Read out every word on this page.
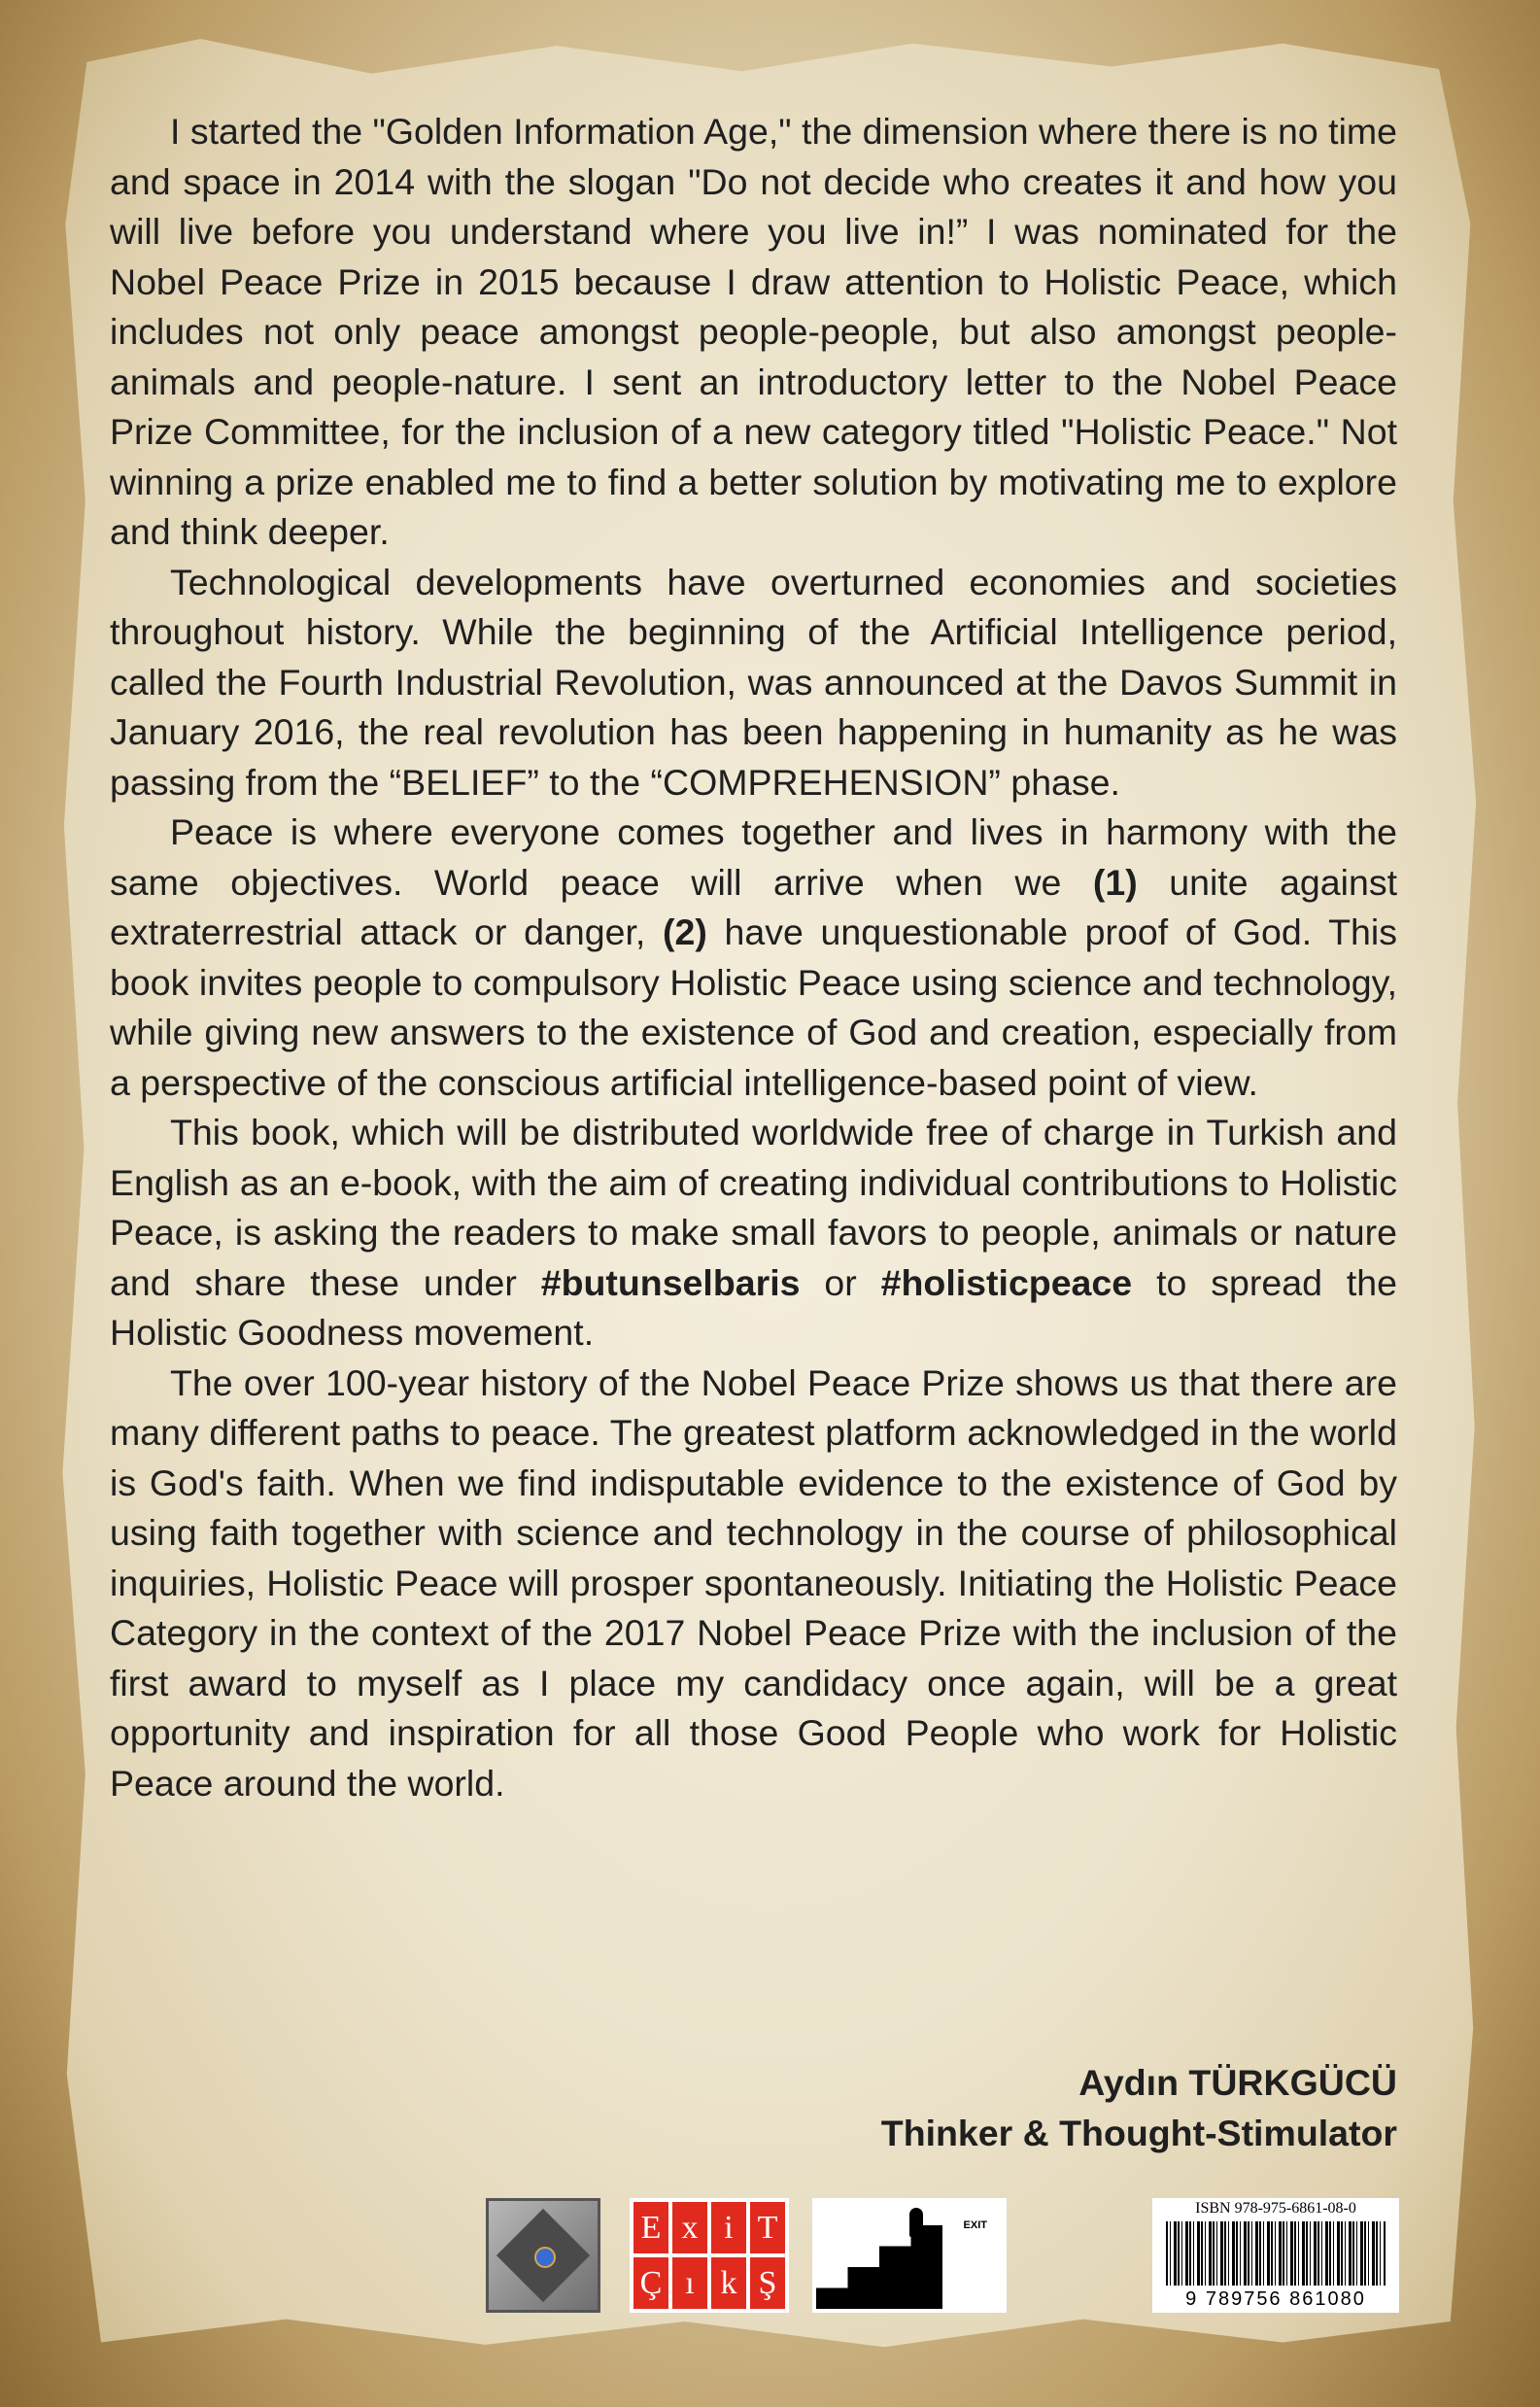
I started the "Golden Information Age," the dimension where there is no time and space in 2014 with the slogan "Do not decide who creates it and how you will live before you understand where you live in!” I was nominated for the Nobel Peace Prize in 2015 because I draw attention to Holistic Peace, which includes not only peace amongst people-people, but also amongst people-animals and people-nature. I sent an introductory letter to the Nobel Peace Prize Committee, for the inclusion of a new category titled "Holistic Peace." Not winning a prize enabled me to find a better solution by motivating me to explore and think deeper.

Technological developments have overturned economies and societies throughout history. While the beginning of the Artificial Intelligence period, called the Fourth Industrial Revolution, was announced at the Davos Summit in January 2016, the real revolution has been happening in humanity as he was passing from the “BELIEF” to the “COMPREHENSION” phase.

Peace is where everyone comes together and lives in harmony with the same objectives. World peace will arrive when we (1) unite against extraterrestrial attack or danger, (2) have unquestionable proof of God. This book invites people to compulsory Holistic Peace using science and technology, while giving new answers to the existence of God and creation, especially from a perspective of the conscious artificial intelligence-based point of view.

This book, which will be distributed worldwide free of charge in Turkish and English as an e-book, with the aim of creating individual contributions to Holistic Peace, is asking the readers to make small favors to people, animals or nature and share these under #butunselbaris or #holisticpeace to spread the Holistic Goodness movement.

The over 100-year history of the Nobel Peace Prize shows us that there are many different paths to peace. The greatest platform acknowledged in the world is God's faith. When we find indisputable evidence to the existence of God by using faith together with science and technology in the course of philosophical inquiries, Holistic Peace will prosper spontaneously. Initiating the Holistic Peace Category in the context of the 2017 Nobel Peace Prize with the inclusion of the first award to myself as I place my candidacy once again, will be a great opportunity and inspiration for all those Good People who work for Holistic Peace around the world.

Aydın TÜRKGÜCÜ
Thinker & Thought-Stimulator
E x i T
Ç ı k Ş
EXIT
ISBN 978-975-6861-08-0
9 789756 861080
